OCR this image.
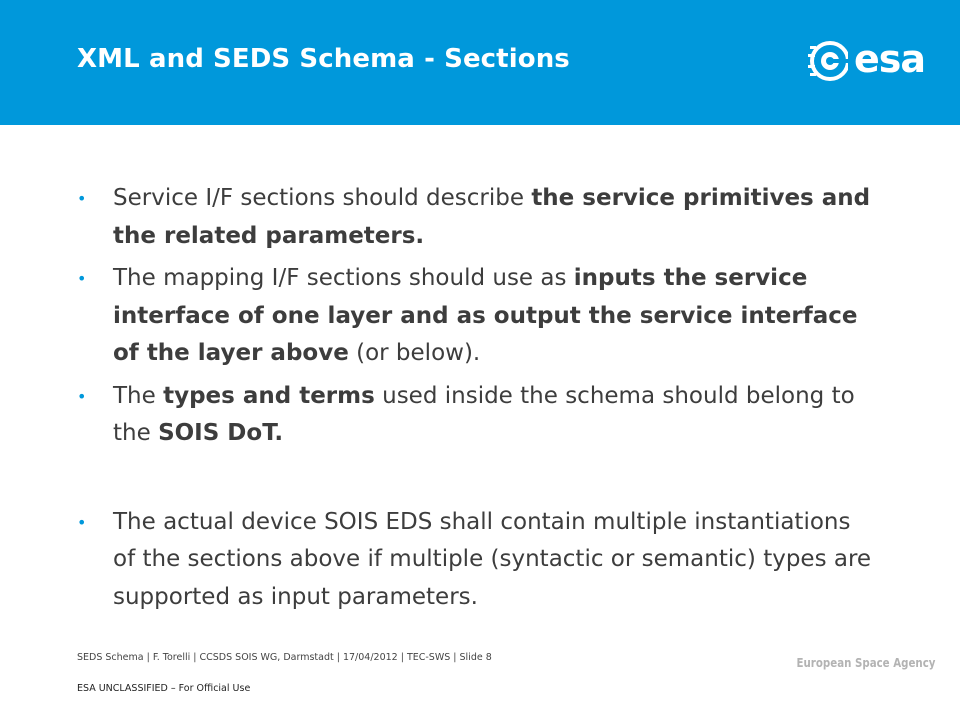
XML and SEDS Schema - Sections	esa
• Service I/F sections should describe the service primitives and the related parameters.
• The mapping I/F sections should use as inputs the service interface of one layer and as output the service interface of the layer above (or below).
• The types and terms used inside the schema should belong to the SOIS DoT.
• The actual device SOIS EDS shall contain multiple instantiations of the sections above if multiple (syntactic or semantic) types are supported as input parameters.
SEDS Schema | F. Torelli | CCSDS SOIS WG, Darmstadt | 17/04/2012 | TEC-SWS | Slide 8
ESA UNCLASSIFIED – For Official Use
European Space Agency
